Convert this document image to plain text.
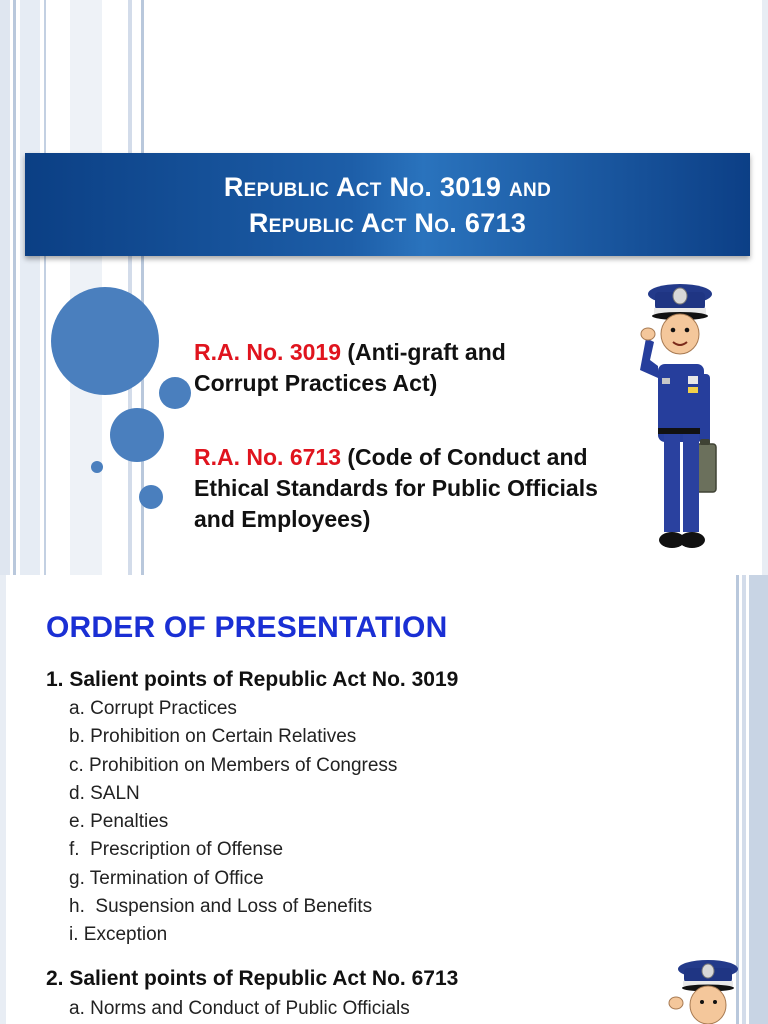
Republic Act No. 3019 and
Republic Act No. 6713
R.A. No. 3019 (Anti-graft and Corrupt Practices Act)
R.A. No. 6713 (Code of Conduct and Ethical Standards for Public Officials and Employees)
ORDER OF PRESENTATION
1. Salient points of Republic Act No. 3019
a. Corrupt Practices
b. Prohibition on Certain Relatives
c. Prohibition on Members of Congress
d. SALN
e. Penalties
f.  Prescription of Offense
g. Termination of Office
h.  Suspension and Loss of Benefits
i. Exception
2. Salient points of Republic Act No. 6713
a. Norms and Conduct of Public Officials
